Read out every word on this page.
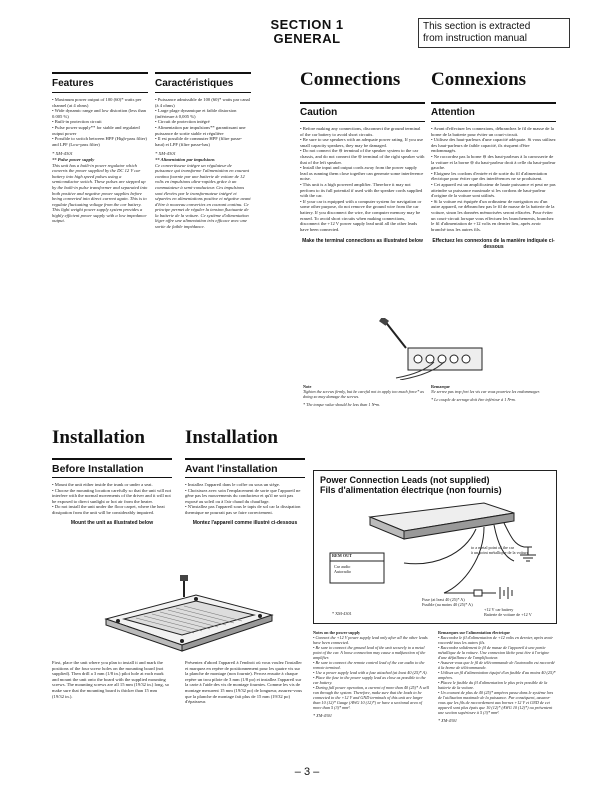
SECTION 1
GENERAL
This section is extracted
from instruction manual
Features

• Maximum power output of 100 (60)* watts per channel (at 4 ohms)

• Wide dynamic range and low distortion (less than 0.005 %)

• Built-in protection circuit

• Pulse power supply** for stable and regulated output power

• Possible to switch between HPF (High-pass filter) and LPF (Low-pass filter)

* XM-4301

** Pulse power supply

This unit has a built-in power regulator which converts the power supplied by the DC 12 V car battery into high speed pulses using a semiconductor switch. These pulses are stepped up by the built-in pulse transformer and separated into both positive and negative power supplies before being converted into direct current again. This is to regulate fluctuating voltage from the car battery. This light weight power supply system provides a highly efficient power supply with a low impedance output.

Caractéristiques

• Puissance admissible de 100 (60)* watts par canal (à 4 ohms)

• Large plage dynamique et faible distorsion (inférieure à 0,005 %)

• Circuit de protection intégré

• Alimentation par impulsions** garantissant une puissance de sortie stable et régulière

• Il est possible de commuter HPF (filtre passe-haut) et LPF (filtre passe-bas)

* XM-4301

** Alimentation par impulsions

Ce convertisseur intègre un régulateur de puissance qui transforme l'alimentation en courant continu fournie par une batterie de voiture de 12 volts en impulsions ultra-rapides grâce à un commutateur à semi-conducteur. Ces impulsions sont élevées par le transformateur intégré et séparées en alimentations positive et négative avant d'être à nouveau converties en courant continu. Ce principe permet de réguler la tension fluctuante de la batterie de la voiture. Ce système d'alimentation léger offre une alimentation très efficace avec une sortie de faible impédance.

Connections
Caution

• Before making any connections, disconnect the ground terminal of the car battery to avoid short circuits.

• Be sure to use speakers with an adequate power rating. If you use small capacity speakers, they may be damaged.

• Do not connect the ⊖ terminal of the speaker system to the car chassis, and do not connect the ⊖ terminal of the right speaker with that of the left speaker.

• Install the input and output cords away from the power supply lead as running them close together can generate some interference noise.

• This unit is a high powered amplifier. Therefore it may not perform to its full potential if used with the speaker cords supplied with the car.

• If your car is equipped with a computer system for navigation or some other purpose, do not remove the ground wire from the car battery. If you disconnect the wire, the computer memory may be erased. To avoid short circuits when making connections, disconnect the +12 V power supply lead until all the other leads have been connected.

Make the terminal connections as illustrated below
Connexions
Attention

• Avant d'effectuer les connexions, débranchez le fil de masse de la borne de la batterie pour éviter un court-circuit.

• Utilisez des haut-parleurs d'une capacité adéquate. Si vous utilisez des haut-parleurs de faible capacité, ils risquent d'être endommagés.

• Ne raccordez pas la borne ⊖ des haut-parleurs à la carrosserie de la voiture et la borne ⊖ du haut-parleur droit à celle du haut-parleur gauche.

• Eloignez les cordons d'entrée et de sortie du fil d'alimentation électrique pour éviter que des interférences ne se produisent.

• Cet appareil est un amplificateur de haute puissance et peut ne pas atteindre sa puissance maximale si les cordons de haut-parleur d'origine de la voiture sont utilisés.

• Si la voiture est équipée d'un ordinateur de navigation ou d'un autre appareil, ne débranchez pas le fil de masse de la batterie de la voiture, sinon les données mémorisées seront effacées. Pour éviter un court-circuit lorsque vous effectuez les branchements, branchez le fil d'alimentation de +12 volts en dernier lieu, après avoir branché tous les autres fils.

Effectuez les connexions de la manière indiquée ci-dessous
Note
Tighten the screws firmly, but be careful not to apply too much force* as doing so may damage the screws.
* The torque value should be less than 1 N•m.
Remarque
Ne serrez pas trop fort les vis car vous pourriez les endommager.
* Le couple de serrage doit être inférieur à 1 N•m.
Installation
Before Installation

• Mount the unit either inside the trunk or under a seat.

• Choose the mounting location carefully so that the unit will not interfere with the normal movements of the driver and it will not be exposed to direct sunlight or hot air from the heater.

• Do not install the unit under the floor carpet, where the heat dissipation from the unit will be considerably impaired.

Mount the unit as illustrated below
Installation
Avant l'installation

• Installez l'appareil dans le coffre ou sous un siège.

• Choisissez avec soin l'emplacement de sorte que l'appareil ne gêne pas les mouvements du conducteur et qu'il ne soit pas exposé au soleil ou à l'air chaud du chauffage.

• N'installez pas l'appareil sous le tapis de sol car la dissipation thermique ne pourrait pas se faire correctement.

Montez l'appareil comme illustré ci-dessous
First, place the unit where you plan to install it and mark the positions of the four screw holes on the mounting board (not supplied). Then drill a 3 mm (1/8 in.) pilot hole at each mark and mount the unit onto the board with the supplied mounting screws. The mounting screws are all 15 mm (19/32 in.) long, so make sure that the mounting board is thicker than 15 mm (19/32 in.).
Présentez d'abord l'appareil à l'endroit où vous voulez l'installer et marquez en repère de positionnement pour les quatre vis sur la planche de montage (non fournie). Percez ensuite à chaque repère un trou pilote de 3 mm (1/8 po) et installez l'appareil sur la carte à l'aide des vis de montage fournies. Comme les vis de montage mesurent 15 mm (19/32 po) de longueur, assurez-vous que la planche de montage fait plus de 15 mm (19/32 po) d'épaisseur.
Power Connection Leads (not supplied)
Fils d'alimentation électrique (non fournis)
to a metal point of the car
à un point métallique de la voiture
REM OUT
Car audio
Autoradio
Fuse (at least 40 (25)* A)
Fusible (au moins 40 (25)* A)
+12 V car battery
Batterie de voiture de +12 V
* XM-4301
Notes on the power supply

• Connect the +12 V power supply lead only after all the other leads have been connected.

• Be sure to connect the ground lead of the unit securely to a metal point of the car. A loose connection may cause a malfunction of the amplifier.

• Be sure to connect the remote control lead of the car audio to the remote terminal.

• Use a power supply lead with a fuse attached (at least 40 (25)* A).

• Place the fuse in the power supply lead as close as possible to the car battery.

• During full power operation, a current of more than 40 (25)* A will run through the system. Therefore, make sure that the leads to be connected to the +12 V and GND terminals of this unit are larger than 10 (12)* Gauge (AWG 10 (12)*) or have a sectional area of more than 5 (3)* mm².

* XM-4301
Remarques sur l'alimentation électrique

• Raccordez le fil d'alimentation de +12 volts en dernier, après avoir raccordé tous les autres fils.

• Raccordez solidement le fil de masse de l'appareil à une partie métallique de la voiture. Une connexion lâche peut être à l'origine d'une défaillance de l'amplificateur.

• Assurez-vous que le fil de télécommande de l'autoradio est raccordé à la borne de télécommande.

• Utilisez un fil d'alimentation équipé d'un fusible d'au moins 40 (25)* ampères.

• Placez le fusible du fil d'alimentation le plus près possible de la batterie de la voiture.

• Un courant de plus de 40 (25)* ampères passe dans le système lors de l'utilisation maximale de la puissance. Par conséquent, assurez-vous que les fils de raccordement aux bornes +12 V et GND de cet appareil sont plus épais que 10 (12)* (AWG 10 (12)*) ou présentent une section supérieure à 5 (3)* mm².

* XM-4301
– 3 –
